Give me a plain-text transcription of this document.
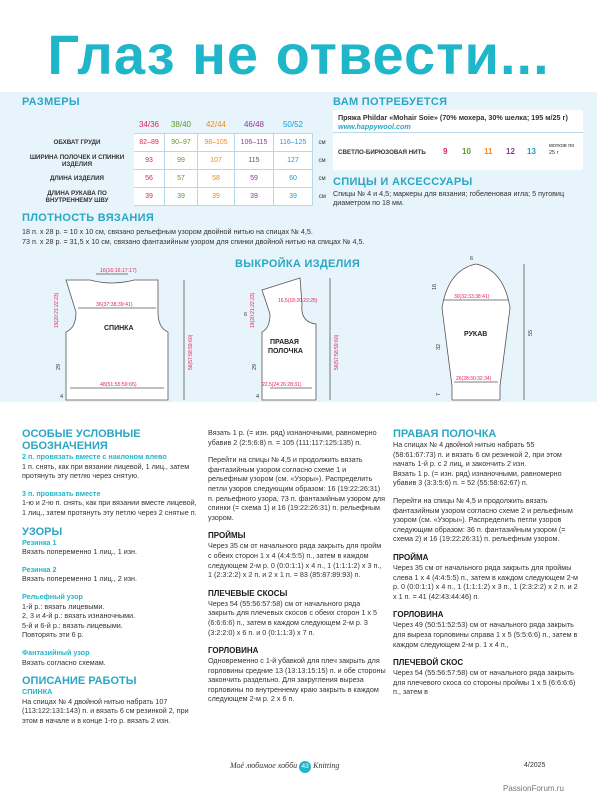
Глаз не отвести...
РАЗМЕРЫ
	34/36	38/40	42/44	46/48	50/52	
ОБХВАТ ГРУДИ	82–89	90–97	98–105	106–115	116–125	см
ШИРИНА ПОЛОЧЕК И СПИНКИ ИЗДЕЛИЯ	93	99	107	115	127	см
ДЛИНА ИЗДЕЛИЯ	56	57	58	59	60	см
ДЛИНА РУКАВА ПО ВНУТРЕННЕМУ ШВУ	39	39	39	39	39	см
ВАМ ПОТРЕБУЕТСЯ
Пряжа Phildar «Mohair Soie» (70% мохера, 30% шелка; 195 м/25 г)
www.happywool.com
СВЕТЛО-БИРЮЗОВАЯ НИТЬ 9 10 11 12 13
мотков по 25 г
СПИЦЫ И АКСЕССУАРЫ
Спицы № 4 и 4,5; маркеры для вязания; гобеленовая игла; 5 пуговиц диаметром по 18 мм.
ПЛОТНОСТЬ ВЯЗАНИЯ
18 п. х 28 р. = 10 х 10 см, связано рельефным узором двойной нитью на спицах № 4,5.
73 п. х 28 р. = 31,5 х 10 см, связано фантазийным узором для спинки двойной нитью на спицах № 4,5.
ВЫКРОЙКА ИЗДЕЛИЯ
16(16:16:17:17)
36(37:38:39:41)
48(51:55:59:65)
СПИНКА
19(20:21:22:23)
29	56(57:58:59:60)
4
16,5(18:20:22:25)
22,5(24:26:28:31)
ПРАВАЯ
ПОЛОЧКА
19(20:21:22:23)
29	56(57:58:59:60)
6
4
6
30(32:33:38:41)
26(28:30:32:34)
РУКАВ
16
32
55
7
ОСОБЫЕ УСЛОВНЫЕ ОБОЗНАЧЕНИЯ

2 п. провязать вместе с наклоном влево

1 п. снять, как при вязании лицевой, 1 лиц., затем протянуть эту петлю через снятую.

3 п. провязать вместе

1-ю и 2-ю п. снять, как при вязании вместе лицевой, 1 лиц., затем протянуть эту петлю через 2 снятые п.

УЗОРЫ

Резинка 1

Вязать попеременно 1 лиц., 1 изн.

Резинка 2

Вязать попеременно 1 лиц., 2 изн.

Рельефный узор

1-й р.: вязать лицевыми.

2, 3 и 4-й р.: вязать изнаночными.

5-й и 6-й р.: вязать лицевыми.

Повторять эти 6 р.

Фантазийный узор

Вязать согласно схемам.

ОПИСАНИЕ РАБОТЫ

СПИНКА

На спицах № 4 двойной нитью набрать 107 (113:122:131:143) п. и вязать 6 см резинкой 2, при этом в начале и в конце 1-го р. вязать 2 изн.

Вязать 1 р. (= изн. ряд) изнаночными, равномерно убавив 2 (2:5:6:8) п. = 105 (111:117:125:135) п.

Перейти на спицы № 4,5 и продолжить вязать фантазийным узором согласно схеме 1 и рельефным узором (см. «Узоры»). Распределить петли узоров следующим образом: 16 (19:22:26:31) п. рельефного узора, 73 п. фантазийным узором для спинки (= схема 1) и 16 (19:22:26:31) п. рельефным узором.

ПРОЙМЫ

Через 35 см от начального ряда закрыть для пройм с обеих сторон 1 х 4 (4:4:5:5) п., затем в каждом следующем 2-м р. 0 (0:0:1:1) х 4 п., 1 (1:1:1:2) х 3 п., 1 (2:3:2:2) х 2 п. и 2 х 1 п. = 83 (85:87:89:93) п.

ПЛЕЧЕВЫЕ СКОСЫ

Через 54 (55:56:57:58) см от начального ряда закрыть для плечевых скосов с обеих сторон 1 х 5 (6:6:6:6) п., затем в каждом следующем 2-м р. 3 (3:2:2:0) х 6 п. и 0 (0:1:1:3) х 7 п.

ГОРЛОВИНА

Одновременно с 1-й убавкой для плеч закрыть для горловины средние 13 (13:13:15:15) п. и обе стороны закончить раздельно. Для закругления выреза горловины по внутреннему краю закрыть в каждом следующем 2-м р. 2 х 6 п.

ПРАВАЯ ПОЛОЧКА

На спицах № 4 двойной нитью набрать 55 (58:61:67:73) п. и вязать 6 см резинкой 2, при этом начать 1-й р. с 2 лиц, и закончить 2 изн.

Вязать 1 р. (= изн. ряд) изнаночными, равномерно убавив 3 (3:3:5:6) п. = 52 (55:58:62:67) п.

Перейти на спицы № 4,5 и продолжить вязать фантазийным узором согласно схеме 2 и рельефным узором (см. «Узоры»). Распределить петли узоров следующим образом: 36 п. фантазийным узором (= схема 2) и 16 (19:22:26:31) п. рельефным узором.

ПРОЙМА

Через 35 см от начального ряда закрыть для проймы слева 1 х 4 (4:4:5:5) п., затем в каждом следующем 2-м р. 0 (0:0:1:1) х 4 п., 1 (1:1:1:2) х 3 п., 1 (2:3:2:2) х 2 п. и 2 х 1 п. = 41 (42:43:44:46) п.

ГОРЛОВИНА

Через 49 (50:51:52:53) см от начального ряда закрыть для выреза горловины справа 1 х 5 (5:5:6:6) п., затем в каждом следующем 2-м р. 1 х 4 п.,

ПЛЕЧЕВОЙ СКОС

Через 54 (55:56:57:58) см от начального ряда закрыть для плечевого скоса со стороны проймы 1 х 5 (6:6:6:6) п., затем в

Моё любимое хобби 43 Knitting	4/2025
PassionForum.ru
